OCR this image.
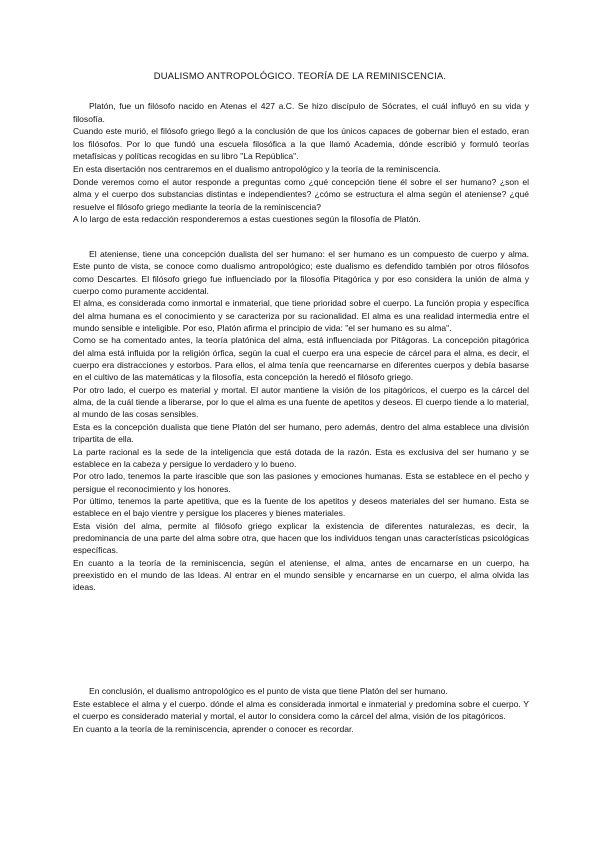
DUALISMO ANTROPOLÓGICO. TEORÍA DE LA REMINISCENCIA.

Platón, fue un filósofo nacido en Atenas el 427 a.C. Se hizo discípulo de Sócrates, el cuál influyó en su vida y filosofía.

Cuando este murió, el filósofo griego llegó a la conclusión de que los únicos capaces de gobernar bien el estado, eran los filósofos. Por lo que fundó una escuela filosófica a la que llamó Academia, dónde escribió y formuló teorías metafísicas y políticas recogidas en su libro "La República".

En esta disertación nos centraremos en el dualismo antropológico y la teoría de la reminiscencia.

Donde veremos como el autor responde a preguntas como ¿qué concepción tiene él sobre el ser humano? ¿son el alma y el cuerpo dos substancias distintas e independientes? ¿cómo se estructura el alma según el ateniense? ¿qué resuelve el filósofo griego mediante la teoría de la reminiscencia?

A lo largo de esta redacción responderemos a estas cuestiones según la filosofía de Platón.

El ateniense, tiene una concepción dualista del ser humano: el ser humano es un compuesto de cuerpo y alma. Este punto de vista, se conoce como dualismo antropológico; este dualismo es defendido también por otros filósofos como Descartes. El filósofo griego fue influenciado por la filosofía Pitagórica y por eso considera la unión de alma y cuerpo como puramente accidental.

El alma, es considerada como inmortal e inmaterial, que tiene prioridad sobre el cuerpo. La función propia y específica del alma humana es el conocimiento y se caracteriza por su racionalidad. El alma es una realidad intermedia entre el mundo sensible e inteligible. Por eso, Platón afirma el principio de vida: "el ser humano es su alma".

Como se ha comentado antes, la teoría platónica del alma, está influenciada por Pitágoras. La concepción pitagórica del alma está influida por la religión órfica, según la cual el cuerpo era una especie de cárcel para el alma, es decir, el cuerpo era distracciones y estorbos. Para ellos, el alma tenía que reencarnarse en diferentes cuerpos y debía basarse en el cultivo de las matemáticas y la filosofía, esta concepción la heredó el filósofo griego.

Por otro lado, el cuerpo es material y mortal. El autor mantiene la visión de los pitagóricos, el cuerpo es la cárcel del alma, de la cuál tiende a liberarse, por lo que el alma es una fuente de apetitos y deseos. El cuerpo tiende a lo material, al mundo de las cosas sensibles.

Esta es la concepción dualista que tiene Platón del ser humano, pero además, dentro del alma establece una división tripartita de ella.

La parte racional es la sede de la inteligencia que está dotada de la razón. Esta es exclusiva del ser humano y se establece en la cabeza y persigue lo verdadero y lo bueno.

Por otro lado, tenemos la parte irascible que son las pasiones y emociones humanas. Esta se establece en el pecho y persigue el reconocimiento y los honores.

Por último, tenemos la parte apetitiva, que es la fuente de los apetitos y deseos materiales del ser humano. Esta se establece en el bajo vientre y persigue los placeres y bienes materiales.

Esta visión del alma, permite al filósofo griego explicar la existencia de diferentes naturalezas, es decir, la predominancia de una parte del alma sobre otra, que hacen que los individuos tengan unas características psicológicas específicas.

En cuanto a la teoría de la reminiscencia, según el ateniense, el alma, antes de encarnarse en un cuerpo, ha preexistido en el mundo de las Ideas. Al entrar en el mundo sensible y encarnarse en un cuerpo, el alma olvida las ideas.

En conclusión, el dualismo antropológico es el punto de vista que tiene Platón del ser humano.

Este establece el alma y el cuerpo. dónde el alma es considerada inmortal e inmaterial y predomina sobre el cuerpo. Y el cuerpo es considerado material y mortal, el autor lo considera como la cárcel del alma, visión de los pitagóricos.

En cuanto a la teoría de la reminiscencia, aprender o conocer es recordar.
